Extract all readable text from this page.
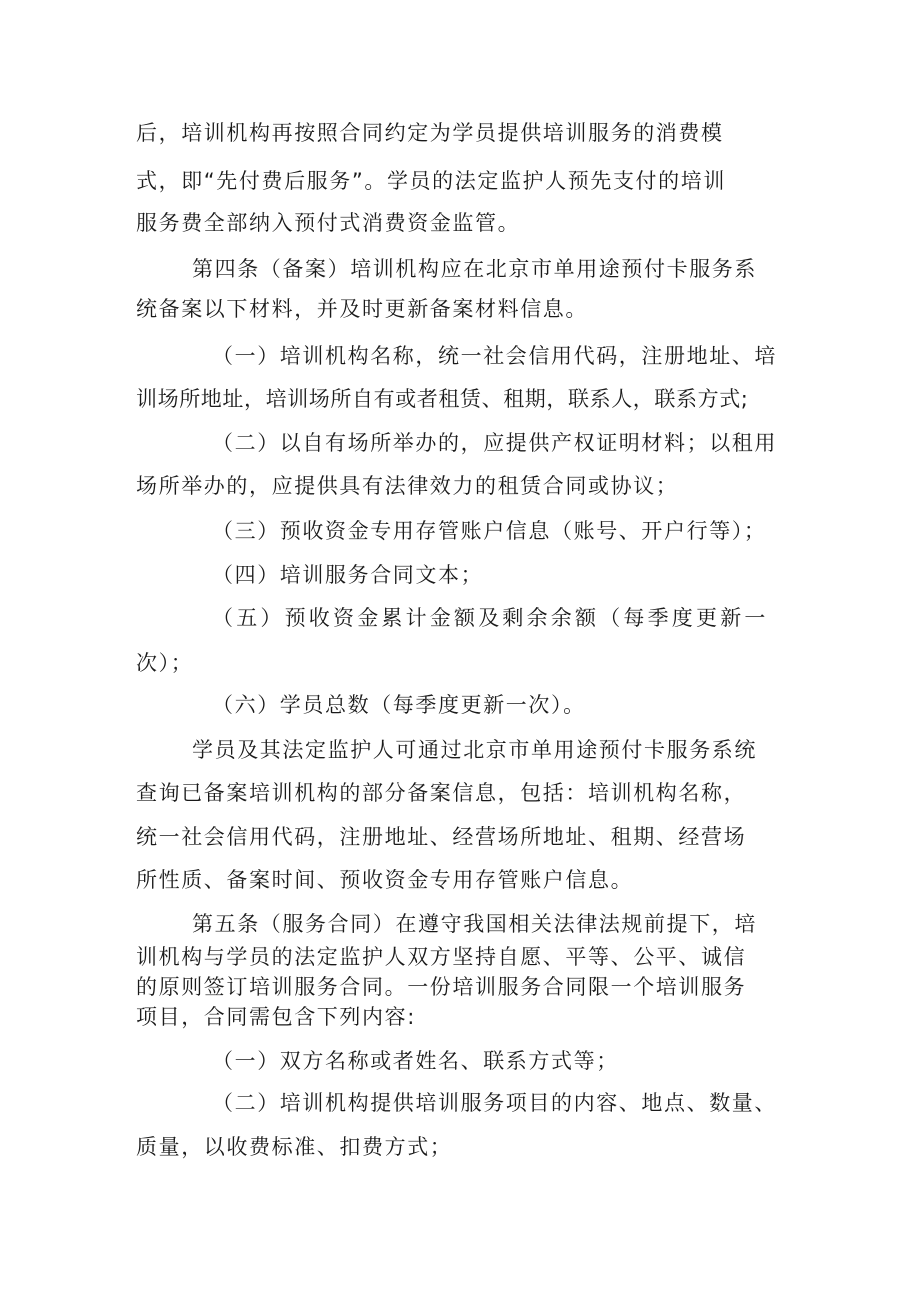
后，培训机构再按照合同约定为学员提供培训服务的消费模
式，即“先付费后服务”。学员的法定监护人预先支付的培训
服务费全部纳入预付式消费资金监管。
第四条（备案）培训机构应在北京市单用途预付卡服务系
统备案以下材料，并及时更新备案材料信息。
（一）培训机构名称，统一社会信用代码，注册地址、培
训场所地址，培训场所自有或者租赁、租期，联系人，联系方式;
（二）以自有场所举办的，应提供产权证明材料；以租用
场所举办的，应提供具有法律效力的租赁合同或协议；
（三）预收资金专用存管账户信息（账号、开户行等）；
（四）培训服务合同文本；
（五）预收资金累计金额及剩余余额（每季度更新一
次）；
（六）学员总数（每季度更新一次）。
学员及其法定监护人可通过北京市单用途预付卡服务系统
查询已备案培训机构的部分备案信息，包括：培训机构名称，
统一社会信用代码，注册地址、经营场所地址、租期、经营场
所性质、备案时间、预收资金专用存管账户信息。
第五条（服务合同）在遵守我国相关法律法规前提下，培
训机构与学员的法定监护人双方坚持自愿、平等、公平、诚信
的原则签订培训服务合同。一份培训服务合同限一个培训服务
项目，合同需包含下列内容:
（一）双方名称或者姓名、联系方式等；
（二）培训机构提供培训服务项目的内容、地点、数量、
质量，以收费标准、扣费方式；
